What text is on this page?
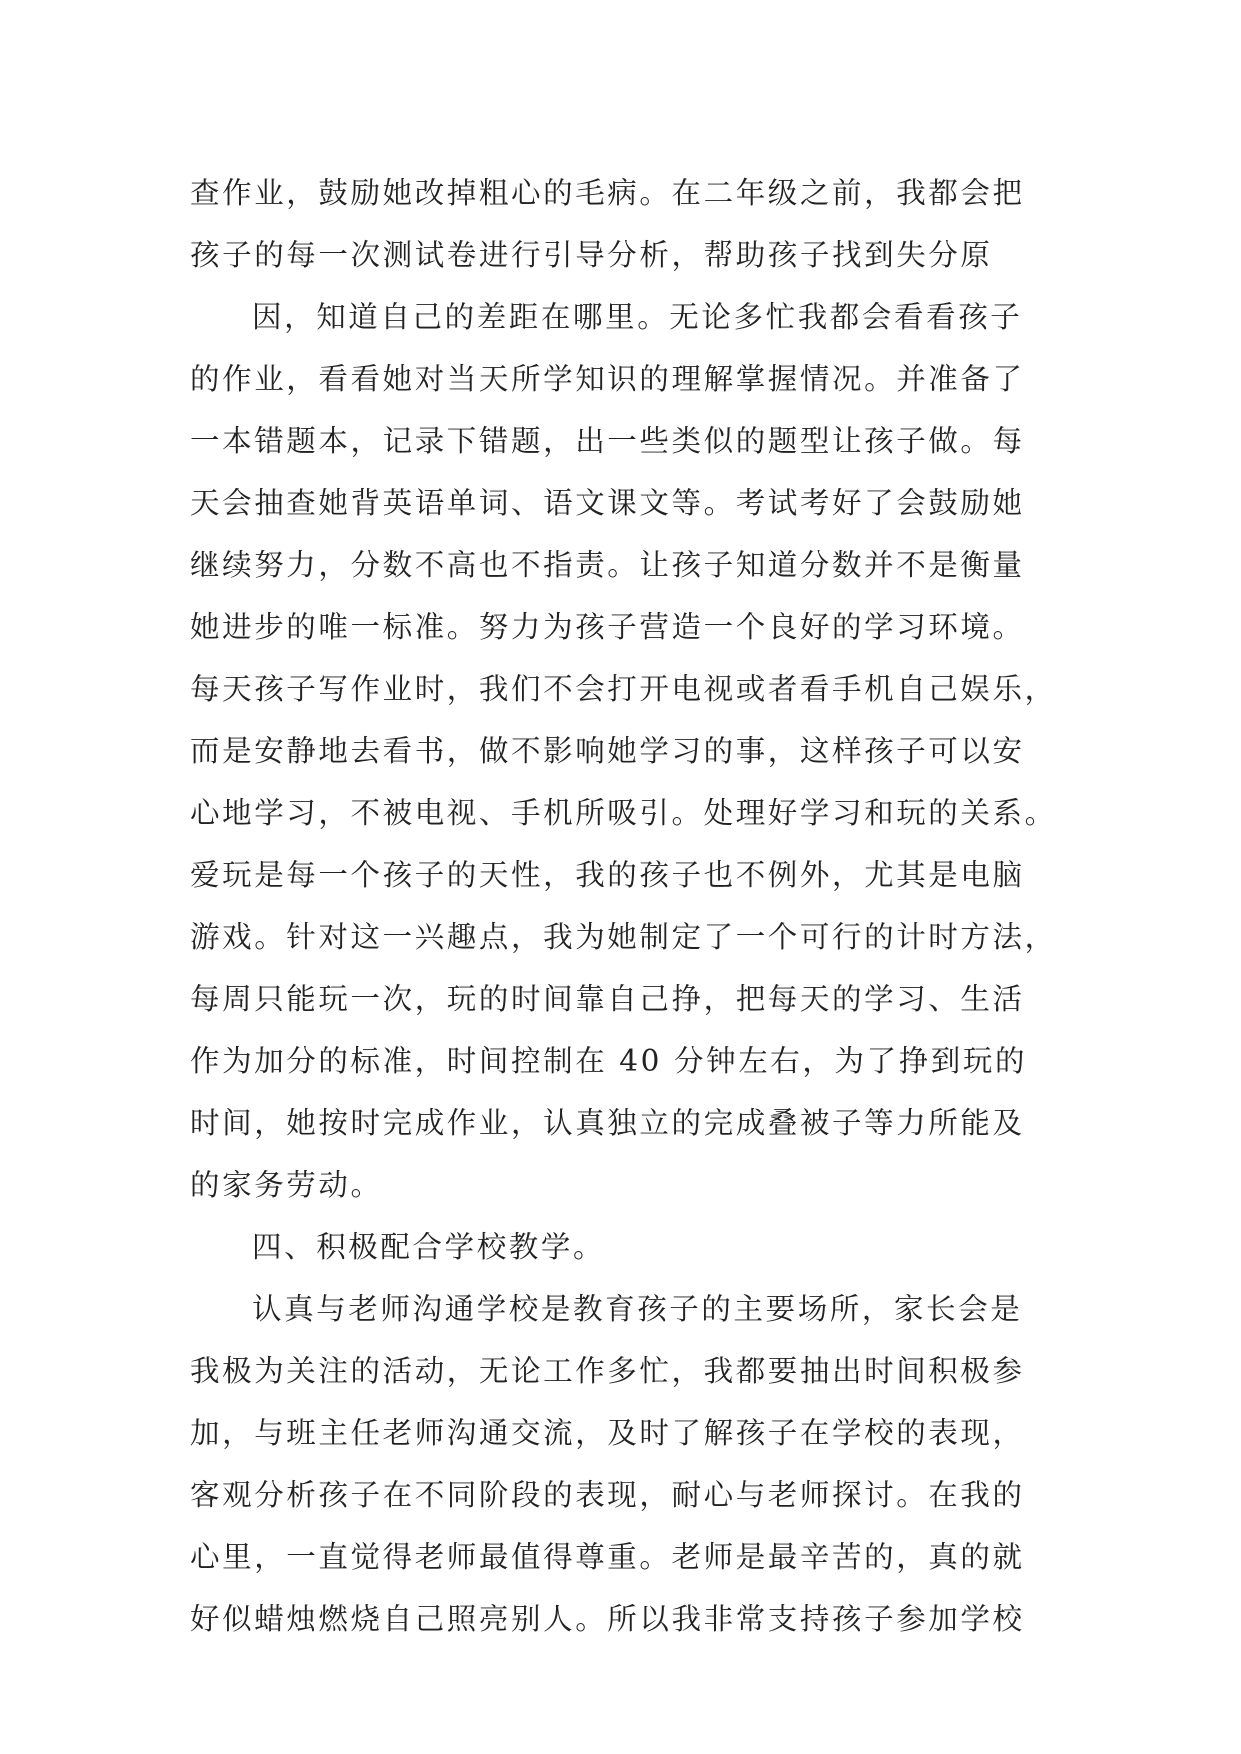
查作业，鼓励她改掉粗心的毛病。在二年级之前，我都会把
孩子的每一次测试卷进行引导分析，帮助孩子找到失分原
因，知道自己的差距在哪里。无论多忙我都会看看孩子
的作业，看看她对当天所学知识的理解掌握情况。并准备了
一本错题本，记录下错题，出一些类似的题型让孩子做。每
天会抽查她背英语单词、语文课文等。考试考好了会鼓励她
继续努力，分数不高也不指责。让孩子知道分数并不是衡量
她进步的唯一标准。努力为孩子营造一个良好的学习环境。
每天孩子写作业时，我们不会打开电视或者看手机自己娱乐，
而是安静地去看书，做不影响她学习的事，这样孩子可以安
心地学习，不被电视、手机所吸引。处理好学习和玩的关系。
爱玩是每一个孩子的天性，我的孩子也不例外，尤其是电脑
游戏。针对这一兴趣点，我为她制定了一个可行的计时方法，
每周只能玩一次，玩的时间靠自己挣，把每天的学习、生活
作为加分的标准，时间控制在 40 分钟左右，为了挣到玩的
时间，她按时完成作业，认真独立的完成叠被子等力所能及
的家务劳动。
四、积极配合学校教学。
认真与老师沟通学校是教育孩子的主要场所，家长会是
我极为关注的活动，无论工作多忙，我都要抽出时间积极参
加，与班主任老师沟通交流，及时了解孩子在学校的表现，
客观分析孩子在不同阶段的表现，耐心与老师探讨。在我的
心里，一直觉得老师最值得尊重。老师是最辛苦的，真的就
好似蜡烛燃烧自己照亮别人。所以我非常支持孩子参加学校
